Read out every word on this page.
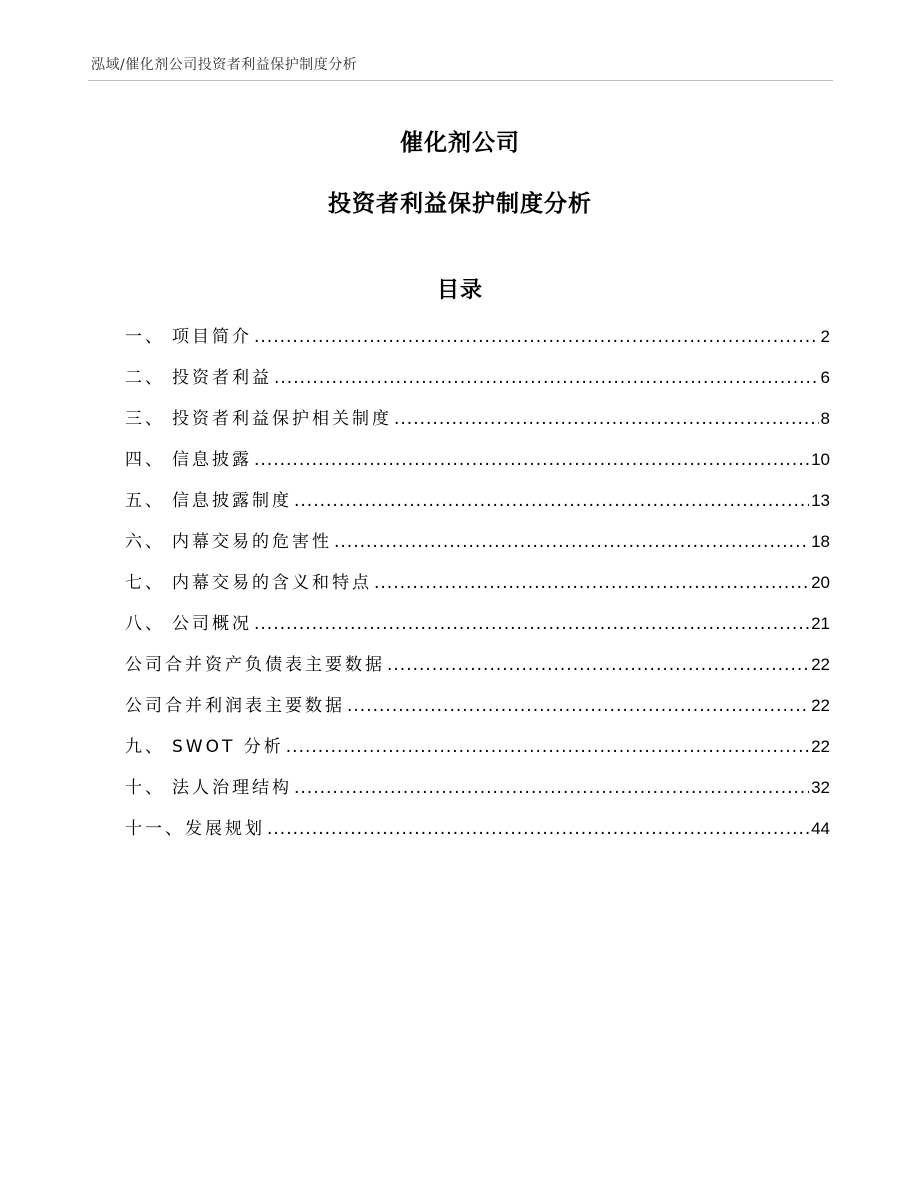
泓域/催化剂公司投资者利益保护制度分析
催化剂公司
投资者利益保护制度分析
目录
一、 项目简介 .....	2
二、 投资者利益 .....	6
三、 投资者利益保护相关制度 .....	8
四、 信息披露 .....	10
五、 信息披露制度 .....	13
六、 内幕交易的危害性 .....	18
七、 内幕交易的含义和特点 .....	20
八、 公司概况 .....	21
公司合并资产负债表主要数据 .....	22
公司合并利润表主要数据 .....	22
九、 SWOT 分析 .....	22
十、 法人治理结构 .....	32
十一、发展规划 .....	44
